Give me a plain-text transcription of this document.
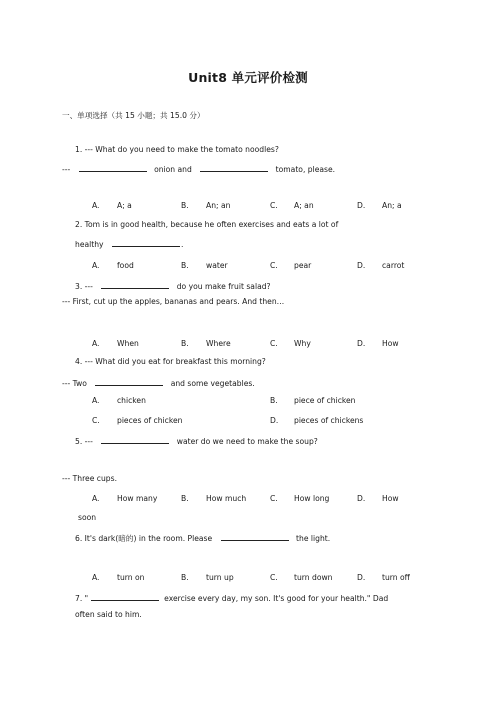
Unit8 单元评价检测
一、单项选择（共 15 小题；共 15.0 分）
1. --- What do you need to make the tomato noodles?
---	onion and	tomato, please.
A. A; a	B. An; an	C. A; an	D. An; a
2. Tom is in good health, because he often exercises and eats a lot of
healthy	.
A. food	B. water	C. pear	D. carrot
3. ---	do you make fruit salad?
--- First, cut up the apples, bananas and pears. And then…
A. When	B. Where	C. Why	D. How
4. --- What did you eat for breakfast this morning?
--- Two	and some vegetables.
A. chicken	B. piece of chicken
C. pieces of chicken	D. pieces of chickens
5. ---	water do we need to make the soup?
--- Three cups.
A. How many	B. How much	C. How long	D. How
soon
6. It's dark(暗的) in the room. Please	the light.
A. turn on	B. turn up	C. turn down	D. turn off
7. "	exercise every day, my son. It's good for your health." Dad
often said to him.
